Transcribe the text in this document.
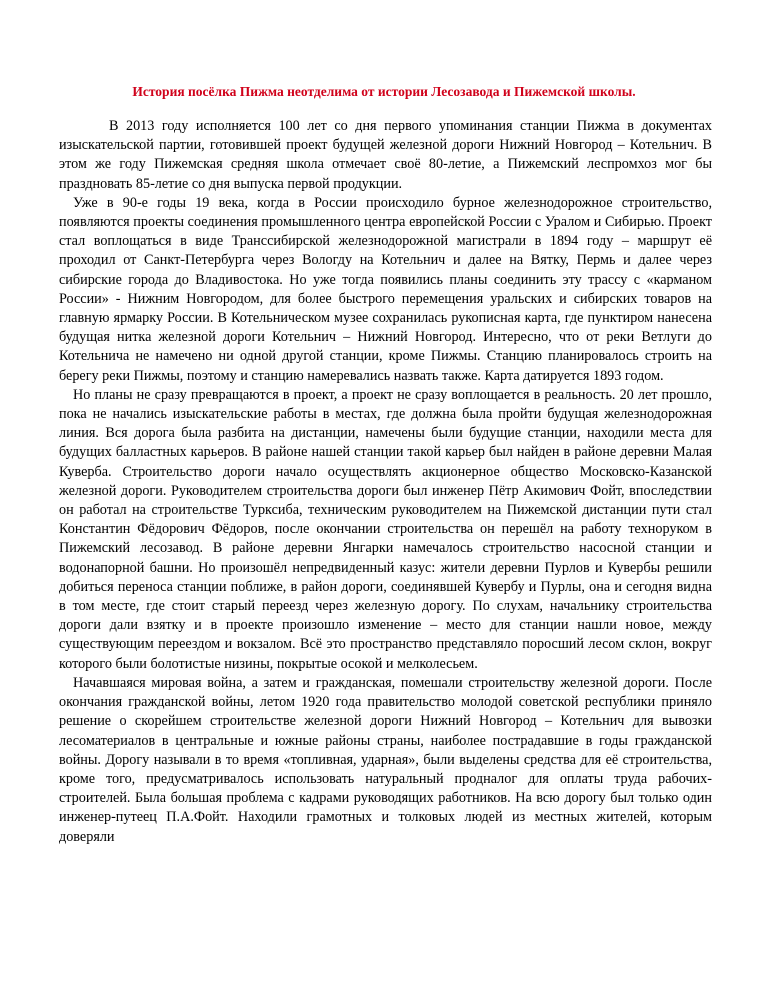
История посёлка Пижма неотделима от истории Лесозавода и Пижемской школы.

В 2013 году исполняется 100 лет со дня первого упоминания станции Пижма в документах изыскательской партии, готовившей проект будущей железной дороги Нижний Новгород – Котельнич. В этом же году Пижемская средняя школа отмечает своё 80-летие, а Пижемский леспромхоз мог бы праздновать 85-летие со дня выпуска первой продукции.

Уже в 90-е годы 19 века, когда в России происходило бурное железнодорожное строительство, появляются проекты соединения промышленного центра европейской России с Уралом и Сибирью. Проект стал воплощаться в виде Транссибирской железнодорожной магистрали в 1894 году – маршрут её проходил от Санкт-Петербурга через Вологду на Котельнич и далее на Вятку, Пермь и далее через сибирские города до Владивостока. Но уже тогда появились планы соединить эту трассу с «карманом России» - Нижним Новгородом, для более быстрого перемещения уральских и сибирских товаров на главную ярмарку России. В Котельническом музее сохранилась рукописная карта, где пунктиром нанесена будущая нитка железной дороги Котельнич – Нижний Новгород. Интересно, что от реки Ветлуги до Котельнича не намечено ни одной другой станции, кроме Пижмы. Станцию планировалось строить на берегу реки Пижмы, поэтому и станцию намеревались назвать также. Карта датируется 1893 годом.

Но планы не сразу превращаются в проект, а проект не сразу воплощается в реальность. 20 лет прошло, пока не начались изыскательские работы в местах, где должна была пройти будущая железнодорожная линия. Вся дорога была разбита на дистанции, намечены были будущие станции, находили места для будущих балластных карьеров. В районе нашей станции такой карьер был найден в районе деревни Малая Куверба. Строительство дороги начало осуществлять акционерное общество Московско-Казанской железной дороги. Руководителем строительства дороги был инженер Пётр Акимович Фойт, впоследствии он работал на строительстве Турксиба, техническим руководителем на Пижемской дистанции пути стал Константин Фёдорович Фёдоров, после окончании строительства он перешёл на работу техноруком в Пижемский лесозавод. В районе деревни Янгарки намечалось строительство насосной станции и водонапорной башни. Но произошёл непредвиденный казус: жители деревни Пурлов и Кувербы решили добиться переноса станции поближе, в район дороги, соединявшей Кувербу и Пурлы, она и сегодня видна в том месте, где стоит старый переезд через железную дорогу. По слухам, начальнику строительства дороги дали взятку и в проекте произошло изменение – место для станции нашли новое, между существующим переездом и вокзалом. Всё это пространство представляло поросший лесом склон, вокруг которого были болотистые низины, покрытые осокой и мелколесьем.

Начавшаяся мировая война, а затем и гражданская, помешали строительству железной дороги. После окончания гражданской войны, летом 1920 года правительство молодой советской республики приняло решение о скорейшем строительстве железной дороги Нижний Новгород – Котельнич для вывозки лесоматериалов в центральные и южные районы страны, наиболее пострадавшие в годы гражданской войны. Дорогу называли в то время «топливная, ударная», были выделены средства для её строительства, кроме того, предусматривалось использовать натуральный продналог для оплаты труда рабочих-строителей. Была большая проблема с кадрами руководящих работников. На всю дорогу был только один инженер-путеец П.А.Фойт. Находили грамотных и толковых людей из местных жителей, которым доверяли
